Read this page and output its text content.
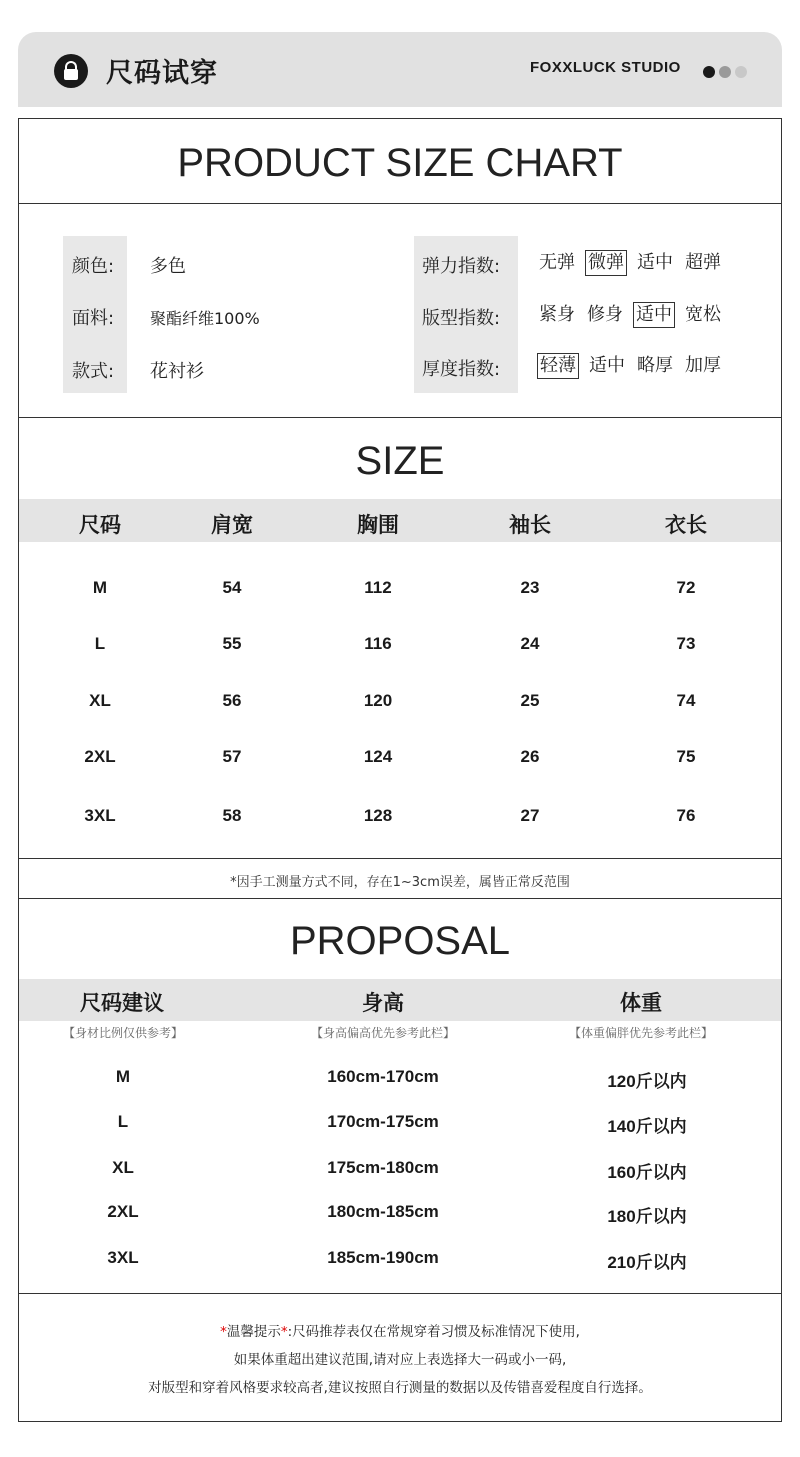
尺码试穿	FOXXLUCK STUDIO
PRODUCT SIZE CHART
颜色: 多色
面料: 聚酯纤维100%
款式: 花衬衫
弹力指数: 无弹 微弹 适中 超弹
版型指数: 紧身 修身 适中 宽松
厚度指数: 轻薄 适中 略厚 加厚
SIZE
尺码	肩宽	胸围	袖长	衣长
M	54	112	23	72
L	55	116	24	73
XL	56	120	25	74
2XL	57	124	26	75
3XL	58	128	27	76
*因手工测量方式不同，存在1~3cm误差，属皆正常反范围
PROPOSAL
尺码建议	身高	体重
【身材比例仅供参考】	【身高偏高优先参考此栏】	【体重偏胖优先参考此栏】
M	160cm-170cm	120斤以内
L	170cm-175cm	140斤以内
XL	175cm-180cm	160斤以内
2XL	180cm-185cm	180斤以内
3XL	185cm-190cm	210斤以内
*温馨提示*:尺码推荐表仅在常规穿着习惯及标准情况下使用,
如果体重超出建议范围,请对应上表选择大一码或小一码,
对版型和穿着风格要求较高者,建议按照自行测量的数据以及传错喜爱程度自行选择。
